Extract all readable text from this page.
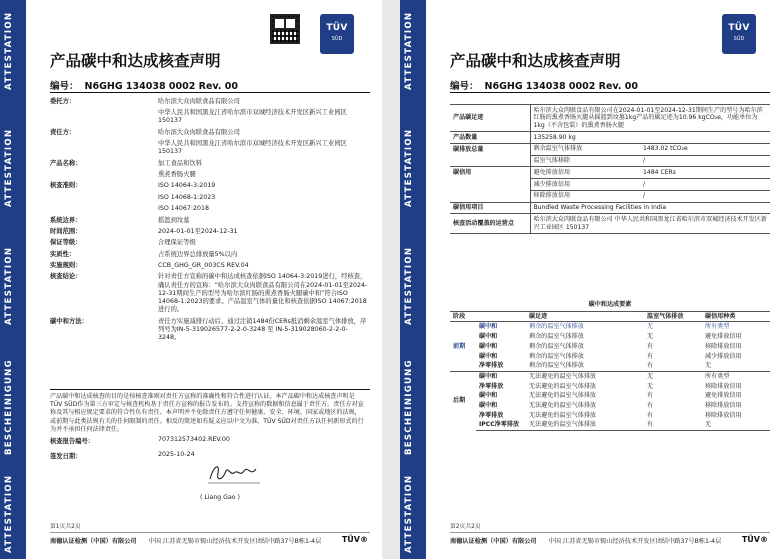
ATTESTATION
ATTESTATION
ATTESTATION
BESCHEINIGUNG
ATTESTATION
TÜV
SÜD
产品碳中和达成核查声明
编号： N6GHG 134038 0002 Rev. 00
委托方：	哈尔滨大众肉联食品有限公司
	中华人民共和国黑龙江省哈尔滨市双城经济技术开发区新兴工业园区 150137
责任方：	哈尔滨大众肉联食品有限公司
	中华人民共和国黑龙江省哈尔滨市双城经济技术开发区新兴工业园区 150137
产品名称：	加工食品和饮料
	熏煮香肠火腿
核查准则：	ISO 14064-3:2019
	ISO 14068-1:2023
	ISO 14067:2018
系统边界：	摇篮到坟墓
时间范围：	2024-01-01至2024-12-31
保证等级：	合理保证等级
实质性：	占系统边界总排放量5%以内
实施规则：	CCB_GHG_GR_003CS REV.04
核查结论：	针对责任方宣称的碳中和达成核查依据ISO 14064-3:2019进行，经核查，确认责任方的宣称：“哈尔滨大众肉联食品有限公司在2024-01-01至2024-12-31期间生产的型号为哈尔滨红肠的熏煮香肠火腿碳中和”符合ISO 14068-1:2023的要求。产品温室气体的量化和核查依据ISO 14067:2018进行的。
碳中和方法：	责任方实施减排行动后，通过注销1484份CERs抵消剩余温室气体排放，序列号为IN-5-319026577-2-2-0-3248 至 IN-5-319028060-2-2-0-3248。
产品碳中和达成核查的目的是按核查准则对责任方宣称的准确性和符合性进行认证。本产品碳中和达成核查声明是TÜV SÜD作为第三方审定与核查机构基于责任方宣称的报告发布的。支持宣称的数据和信息属于责任方。责任方对宣称及其与相应规定要求的符合性负有责任。本声明并不免除责任方遵守任何健康、安全、环境、国家或地区的法规，或前期与此类法规有关的任何限制的责任。相反的简述如有疑义应以中文为准，TÜV SÜD对责任方以任何新形式的行为并不承担任何法律责任。
核查报告编号：	707312573402.REV.00
签发日期：	2025-10-24
( Liang Gao )
第1页共2页
南德认证检测（中国）有限公司 中国 江苏省无锡市锡山经济技术开发区团结中路37号B栋1-4层	TÜV®
ATTESTATION
ATTESTATION
ATTESTATION
BESCHEINIGUNG
ATTESTATION
TÜV
SÜD
产品碳中和达成核查声明
编号： N6GHG 134038 0002 Rev. 00
产品碳足迹	哈尔滨大众肉联食品有限公司在2024-01-01至2024-12-31期间生产的型号为哈尔滨红肠的熏煮香肠火腿从摇篮到坟墓1kg产品的碳足迹为10.96 kgCO₂e，功能单位为1kg（不含包装）的熏煮香肠火腿	
产品数量	135258.90 kg	
碳排放总量	剩余温室气体排放	1483.02 tCO₂e
	温室气体移除	/
碳信用	避免排放信用	1484 CERs
	减少排放信用	/
	移除排放信用	/
碳信用项目	Bundled Waste Processing Facilities in India	
核查活动覆盖的运营点	哈尔滨大众肉联食品有限公司 中华人民共和国黑龙江省哈尔滨市双城经济技术开发区新兴工业园区 150137	
碳中和达成要素				
阶段		碳足迹	温室气体排放	碳信用种类
前期	碳中和	剩余的温室气体排放	无	所有类型
	碳中和	剩余的温室气体排放	无	避免排放信用
	碳中和	剩余的温室气体排放	有	移除排放信用
	碳中和	剩余的温室气体排放	有	减少排放信用
	净零排放	剩余的温室气体排放	有	无
后期	碳中和	无法避免的温室气体排放	无	所有类型
	净零排放	无法避免的温室气体排放	无	移除排放信用
	碳中和	无法避免的温室气体排放	有	避免排放信用
	碳中和	无法避免的温室气体排放	有	移除排放信用
	净零排放	无法避免的温室气体排放	有	移除排放信用
	IPCC净零排放	无法避免的温室气体排放	有	无
第2页共2页
南德认证检测（中国）有限公司 中国 江苏省无锡市锡山经济技术开发区团结中路37号B栋1-4层	TÜV®
